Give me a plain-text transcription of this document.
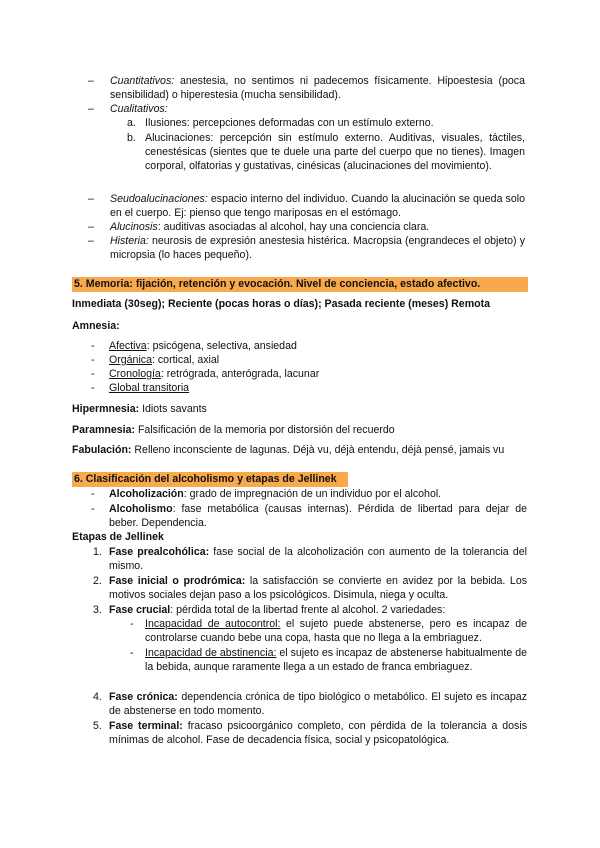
– Cuantitativos: anestesia, no sentimos ni padecemos físicamente. Hipoestesia (poca sensibilidad) o hiperestesia (mucha sensibilidad).
– Cualitativos:
a. Ilusiones: percepciones deformadas con un estímulo externo.
b. Alucinaciones: percepción sin estímulo externo. Auditivas, visuales, táctiles, cenestésicas (sientes que te duele una parte del cuerpo que no tienes). Imagen corporal, olfatorias y gustativas, cinésicas (alucinaciones del movimiento).
– Seudoalucinaciones: espacio interno del individuo. Cuando la alucinación se queda solo en el cuerpo. Ej: pienso que tengo mariposas en el estómago.
– Alucinosis: auditivas asociadas al alcohol, hay una conciencia clara.
– Histeria: neurosis de expresión anestesia histérica. Macropsia (engrandeces el objeto) y micropsia (lo haces pequeño).
5. Memoria: fijación, retención y evocación. Nivel de conciencia, estado afectivo.
Inmediata (30seg); Reciente (pocas horas o días); Pasada reciente (meses) Remota
Amnesia:
- Afectiva: psicógena, selectiva, ansiedad
- Orgánica: cortical, axial
- Cronología: retrógrada, anterógrada, lacunar
- Global transitoria
Hipermnesia: Idiots savants
Paramnesia: Falsificación de la memoria por distorsión del recuerdo
Fabulación: Relleno inconsciente de lagunas. Déjà vu, déjà entendu, déjà pensé, jamais vu
6. Clasificación del alcoholismo y etapas de Jellinek
- Alcoholización: grado de impregnación de un individuo por el alcohol.
- Alcoholismo: fase metabólica (causas internas). Pérdida de libertad para dejar de beber. Dependencia.
Etapas de Jellinek
1. Fase prealcohólica: fase social de la alcoholización con aumento de la tolerancia del mismo.
2. Fase inicial o prodrómica: la satisfacción se convierte en avidez por la bebida. Los motivos sociales dejan paso a los psicológicos. Disimula, niega y oculta.
3. Fase crucial: pérdida total de la libertad frente al alcohol. 2 variedades:
- Incapacidad de autocontrol: el sujeto puede abstenerse, pero es incapaz de controlarse cuando bebe una copa, hasta que no llega a la embriaguez.
- Incapacidad de abstinencia: el sujeto es incapaz de abstenerse habitualmente de la bebida, aunque raramente llega a un estado de franca embriaguez.
4. Fase crónica: dependencia crónica de tipo biológico o metabólico. El sujeto es incapaz de abstenerse en todo momento.
5. Fase terminal: fracaso psicoorgánico completo, con pérdida de la tolerancia a dosis mínimas de alcohol. Fase de decadencia física, social y psicopatológica.
